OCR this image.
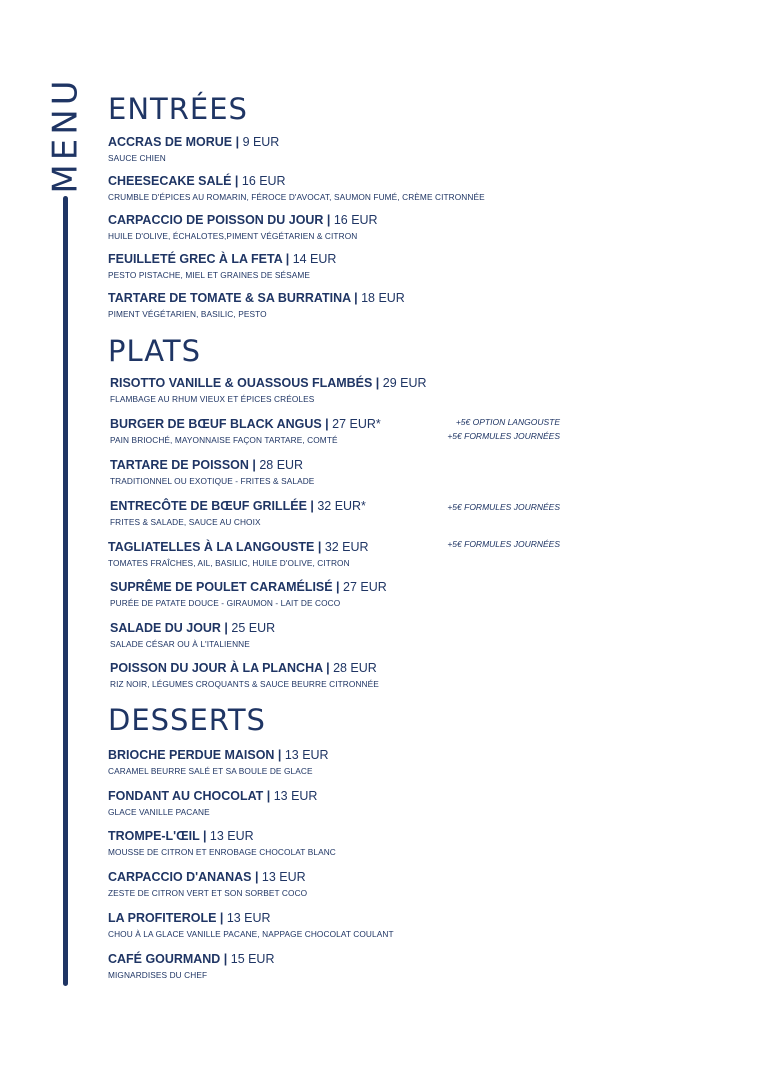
MENU ENTRÉES
ACCRAS DE MORUE | 9 EUR
SAUCE CHIEN
CHEESECAKE SALÉ | 16 EUR
CRUMBLE D'ÉPICES AU ROMARIN, FÉROCE D'AVOCAT, SAUMON FUMÉ, CRÈME CITRONNÉE
CARPACCIO DE POISSON DU JOUR | 16 EUR
HUILE D'OLIVE, ÉCHALOTES,PIMENT VÉGÉTARIEN & CITRON
FEUILLETÉ GREC À LA FETA | 14 EUR
PESTO PISTACHE, MIEL ET GRAINES DE SÉSAME
TARTARE DE TOMATE & SA BURRATINA | 18 EUR
PIMENT VÉGÉTARIEN, BASILIC, PESTO
PLATS
RISOTTO VANILLE & OUASSOUS FLAMBÉS | 29 EUR
FLAMBAGE AU RHUM VIEUX ET ÉPICES CRÉOLES
BURGER DE BŒUF BLACK ANGUS | 27 EUR*
PAIN BRIOCHÉ, MAYONNAISE FAÇON TARTARE, COMTÉ
+5€ OPTION LANGOUSTE
+5€ FORMULES JOURNÉES
TARTARE DE POISSON | 28 EUR
TRADITIONNEL OU EXOTIQUE - FRITES & SALADE
ENTRECÔTE DE BŒUF GRILLÉE | 32 EUR*
FRITES & SALADE, SAUCE AU CHOIX
+5€ FORMULES JOURNÉES
TAGLIATELLES À LA LANGOUSTE | 32 EUR
TOMATES FRAÎCHES, AIL, BASILIC, HUILE D'OLIVE, CITRON
+5€ FORMULES JOURNÉES
SUPRÊME DE POULET CARAMÉLISÉ | 27 EUR
PURÉE DE PATATE DOUCE - GIRAUMON - LAIT DE COCO
SALADE DU JOUR | 25 EUR
SALADE CÉSAR OU À L'ITALIENNE
POISSON DU JOUR À LA PLANCHA | 28 EUR
RIZ NOIR, LÉGUMES CROQUANTS & SAUCE BEURRE CITRONNÉE
DESSERTS
BRIOCHE PERDUE MAISON | 13 EUR
CARAMEL BEURRE SALÉ ET SA BOULE DE GLACE
FONDANT AU CHOCOLAT | 13 EUR
GLACE VANILLE PACANE
TROMPE-L'ŒIL | 13 EUR
MOUSSE DE CITRON ET ENROBAGE CHOCOLAT BLANC
CARPACCIO D'ANANAS | 13 EUR
ZESTE DE CITRON VERT ET SON SORBET COCO
LA PROFITEROLE | 13 EUR
CHOU À LA GLACE VANILLE PACANE, NAPPAGE CHOCOLAT COULANT
CAFÉ GOURMAND | 15 EUR
MIGNARDISES DU CHEF
